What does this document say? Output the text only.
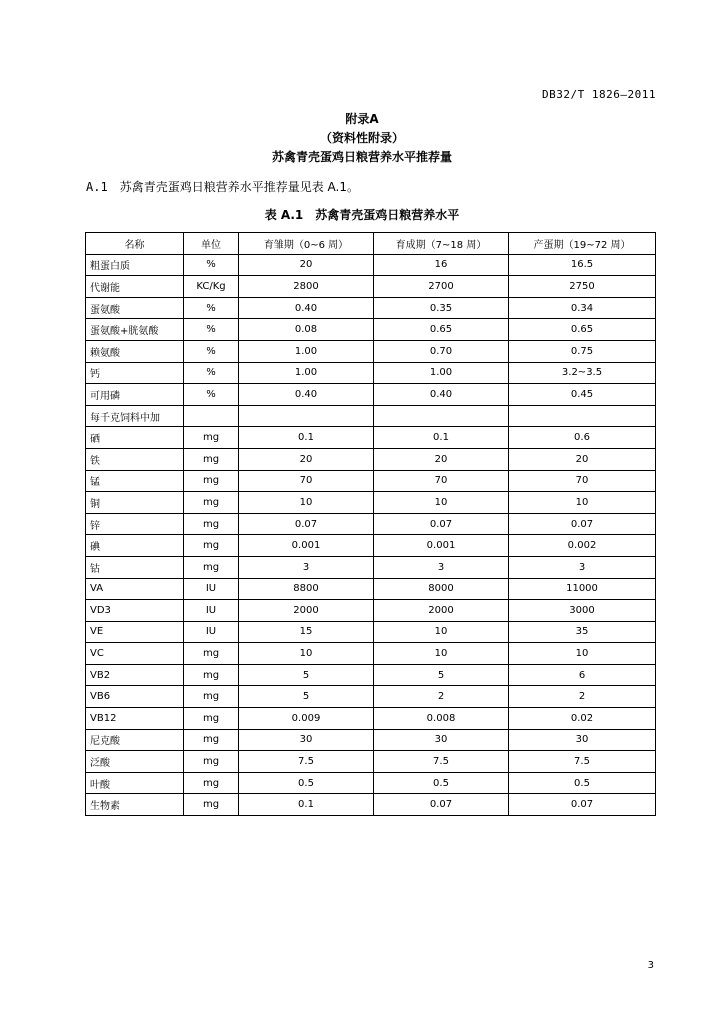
DB32/T 1826—2011
附录A
（资料性附录）
苏禽青壳蛋鸡日粮营养水平推荐量
A.1 苏禽青壳蛋鸡日粮营养水平推荐量见表 A.1。
表 A.1　苏禽青壳蛋鸡日粮营养水平
名称	单位	育雏期（0~6 周）	育成期（7~18 周）	产蛋期（19~72 周）
粗蛋白质	%	20	16	16.5
代谢能	KC/Kg	2800	2700	2750
蛋氨酸	%	0.40	0.35	0.34
蛋氨酸+胱氨酸	%	0.08	0.65	0.65
赖氨酸	%	1.00	0.70	0.75
钙	%	1.00	1.00	3.2~3.5
可用磷	%	0.40	0.40	0.45
每千克饲料中加				
硒	mg	0.1	0.1	0.6
铁	mg	20	20	20
锰	mg	70	70	70
铜	mg	10	10	10
锌	mg	0.07	0.07	0.07
碘	mg	0.001	0.001	0.002
钴	mg	3	3	3
VA	IU	8800	8000	11000
VD3	IU	2000	2000	3000
VE	IU	15	10	35
VC	mg	10	10	10
VB2	mg	5	5	6
VB6	mg	5	2	2
VB12	mg	0.009	0.008	0.02
尼克酸	mg	30	30	30
泛酸	mg	7.5	7.5	7.5
叶酸	mg	0.5	0.5	0.5
生物素	mg	0.1	0.07	0.07
3
